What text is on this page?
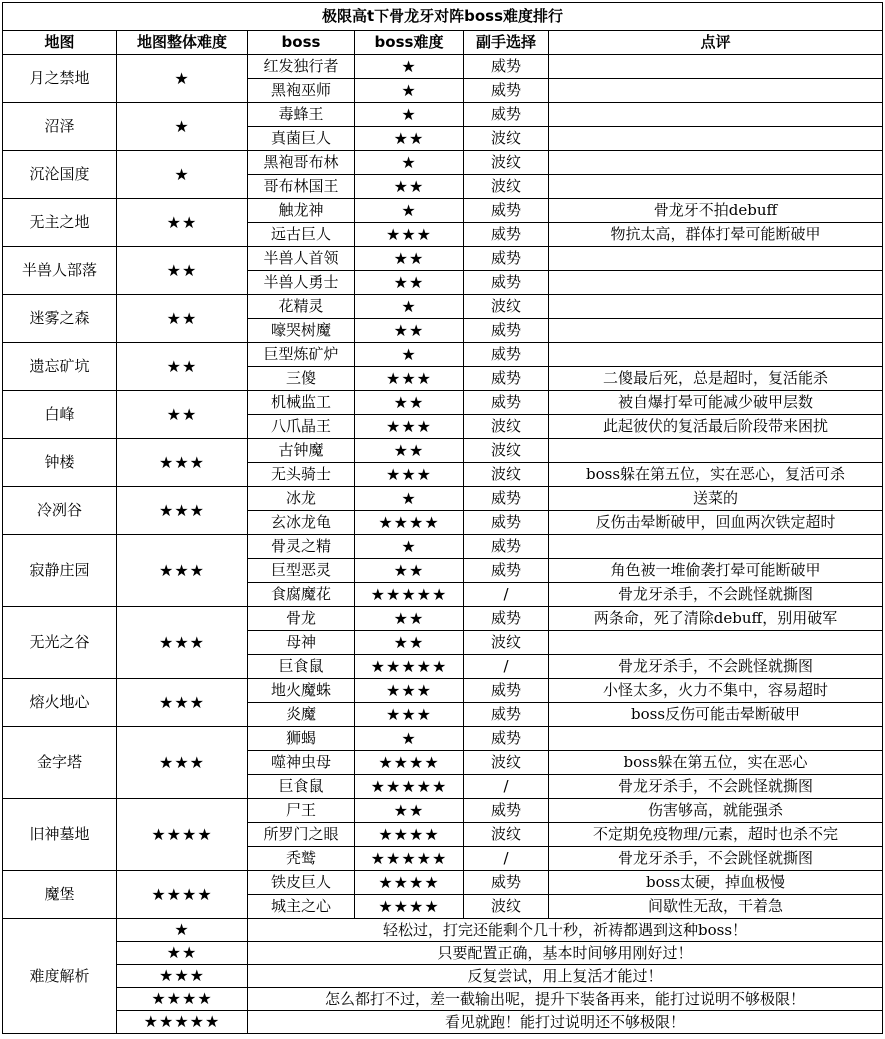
极限高t下骨龙牙对阵boss难度排行					
地图	地图整体难度	boss	boss难度	副手选择	点评
月之禁地	★	红发独行者	★	威势	
		黑袍巫师	★	威势	
沼泽	★	毒蜂王	★	威势	
		真菌巨人	★★	波纹	
沉沦国度	★	黑袍哥布林	★	波纹	
		哥布林国王	★★	波纹	
无主之地	★★	触龙神	★	威势	骨龙牙不拍debuff
		远古巨人	★★★	威势	物抗太高，群体打晕可能断破甲
半兽人部落	★★	半兽人首领	★★	威势	
		半兽人勇士	★★	威势	
迷雾之森	★★	花精灵	★	波纹	
		嚎哭树魔	★★	威势	
遗忘矿坑	★★	巨型炼矿炉	★	威势	
		三傻	★★★	威势	二傻最后死，总是超时，复活能杀
白峰	★★	机械监工	★★	威势	被自爆打晕可能减少破甲层数
		八爪晶王	★★★	波纹	此起彼伏的复活最后阶段带来困扰
钟楼	★★★	古钟魔	★★	波纹	
		无头骑士	★★★	波纹	boss躲在第五位，实在恶心，复活可杀
冷冽谷	★★★	冰龙	★	威势	送菜的
		玄冰龙龟	★★★★	威势	反伤击晕断破甲，回血两次铁定超时
寂静庄园	★★★	骨灵之精	★	威势	
		巨型恶灵	★★	威势	角色被一堆偷袭打晕可能断破甲
		食腐魔花	★★★★★	/	骨龙牙杀手，不会跳怪就撕图
无光之谷	★★★	骨龙	★★	威势	两条命，死了清除debuff，别用破军
		母神	★★	波纹	
		巨食鼠	★★★★★	/	骨龙牙杀手，不会跳怪就撕图
熔火地心	★★★	地火魔蛛	★★★	威势	小怪太多，火力不集中，容易超时
		炎魔	★★★	威势	boss反伤可能击晕断破甲
金字塔	★★★	狮蝎	★	威势	
		噬神虫母	★★★★	波纹	boss躲在第五位，实在恶心
		巨食鼠	★★★★★	/	骨龙牙杀手，不会跳怪就撕图
旧神墓地	★★★★	尸王	★★	威势	伤害够高，就能强杀
		所罗门之眼	★★★★	波纹	不定期免疫物理/元素，超时也杀不完
		秃鹫	★★★★★	/	骨龙牙杀手，不会跳怪就撕图
魔堡	★★★★	铁皮巨人	★★★★	威势	boss太硬，掉血极慢
		城主之心	★★★★	波纹	间歇性无敌，干着急
难度解析	★	轻松过，打完还能剩个几十秒，祈祷都遇到这种boss！			
	★★	只要配置正确，基本时间够用刚好过！			
	★★★	反复尝试，用上复活才能过！			
	★★★★	怎么都打不过，差一截输出呢，提升下装备再来，能打过说明不够极限！			
	★★★★★	看见就跑！能打过说明还不够极限！			
